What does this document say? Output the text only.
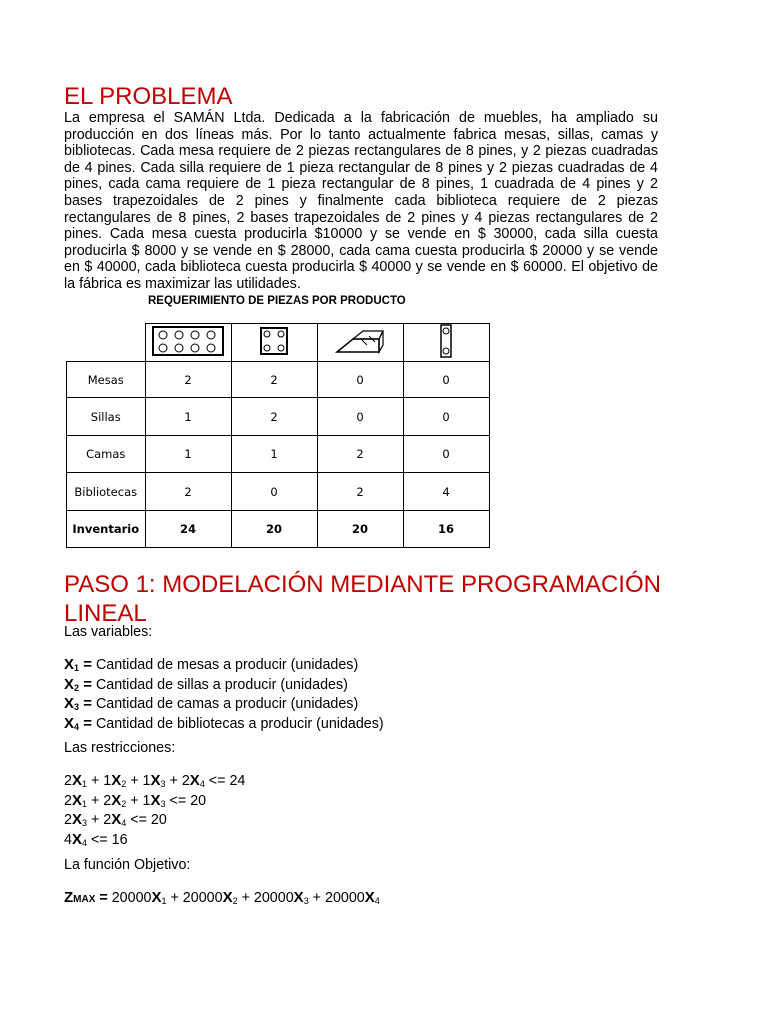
EL PROBLEMA

La empresa el SAMÁN Ltda. Dedicada a la fabricación de muebles, ha ampliado su producción en dos líneas más. Por lo tanto actualmente fabrica mesas, sillas, camas y bibliotecas. Cada mesa requiere de 2 piezas rectangulares de 8 pines, y 2 piezas cuadradas de 4 pines. Cada silla requiere de 1 pieza rectangular de 8 pines y 2 piezas cuadradas de 4 pines, cada cama requiere de 1 pieza rectangular de 8 pines, 1 cuadrada de 4 pines y 2 bases trapezoidales de 2 pines y finalmente cada biblioteca requiere de 2 piezas rectangulares de 8 pines, 2 bases trapezoidales de 2 pines y 4 piezas rectangulares de 2 pines. Cada mesa cuesta producirla $10000 y se vende en $ 30000, cada silla cuesta producirla $ 8000 y se vende en $ 28000, cada cama cuesta producirla $ 20000 y se vende en $ 40000, cada biblioteca cuesta producirla $ 40000 y se vende en $ 60000. El objetivo de la fábrica es maximizar las utilidades.

REQUERIMIENTO DE PIEZAS POR PRODUCTO

Mesas	2	2	0	0
Sillas	1	2	0	0
Camas	1	1	2	0
Bibliotecas	2	0	2	4
Inventario	24	20	20	16
PASO 1: MODELACIÓN MEDIANTE PROGRAMACIÓN LINEAL
Las variables:
$X_1$ = Cantidad de mesas a producir (unidades)
$X_2$ = Cantidad de sillas a producir (unidades)
$X_3$ = Cantidad de camas a producir (unidades)
$X_4$ = Cantidad de bibliotecas a producir (unidades)
Las restricciones:
$2X_1 + 1X_2 + 1X_3 + 2X_4 <= 24$
$2X_1 + 2X_2 + 1X_3 <= 20$
$2X_3 + 2X_4 <= 20$
$4X_4 <= 16$
La función Objetivo:
ZMAX = $20000X_1 + 20000X_2 + 20000X_3 + 20000X_4$
